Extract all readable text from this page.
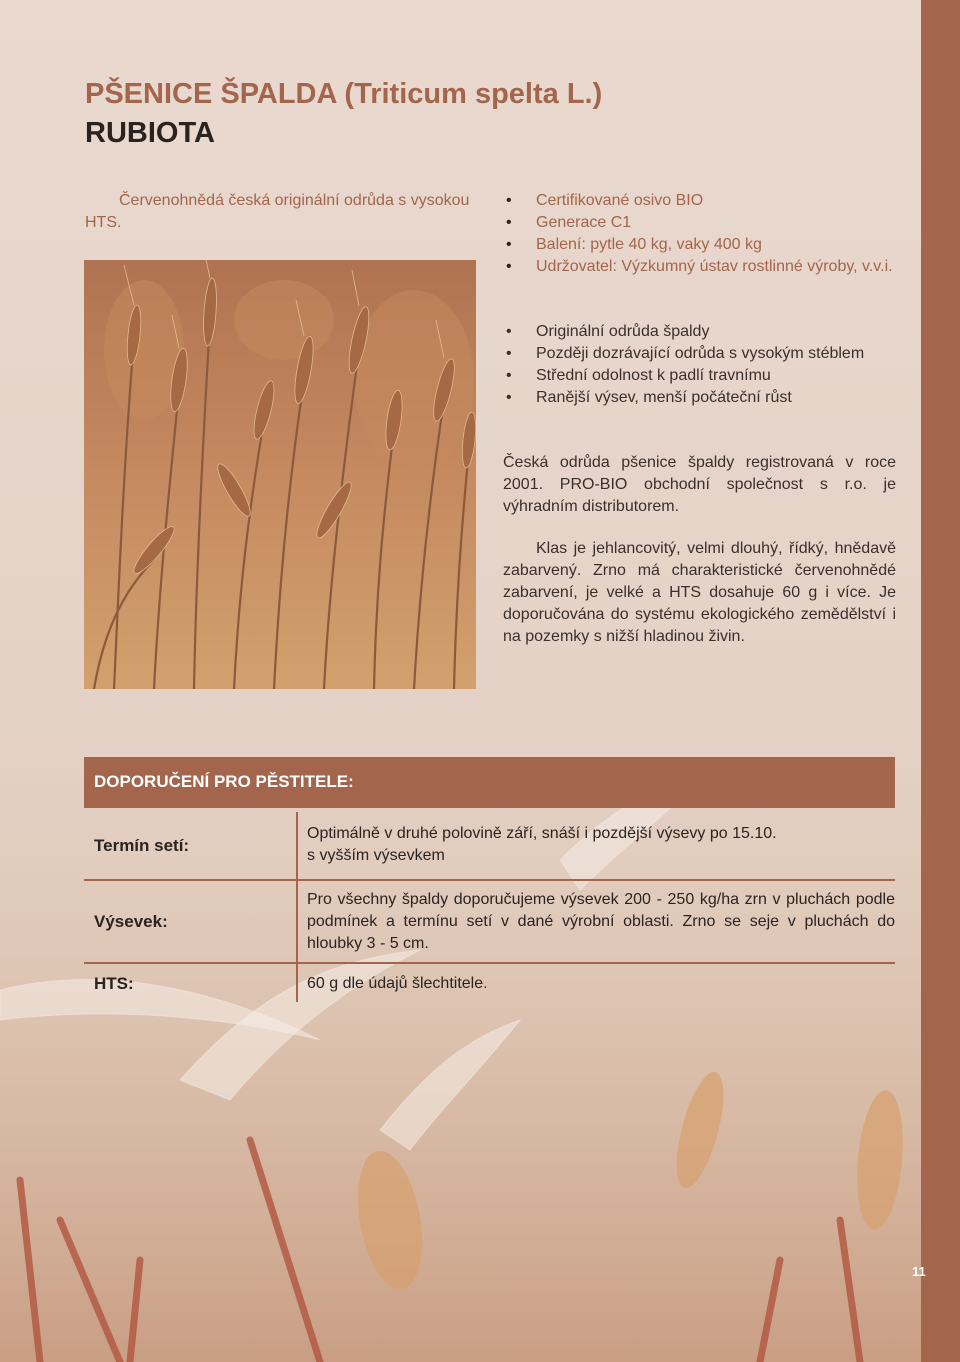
PŠENICE ŠPALDA (Triticum spelta L.)
RUBIOTA
Červenohnědá česká originální odrůda s vysokou HTS.
• Certifikované osivo BIO
• Generace C1
• Balení: pytle 40 kg, vaky 400 kg
• Udržovatel: Výzkumný ústav rostlinné výroby, v.v.i.
• Originální odrůda špaldy
• Později dozrávající odrůda s vysokým stéblem
• Střední odolnost k padlí travnímu
• Ranější výsev, menší počáteční růst
Česká odrůda pšenice špaldy registrovaná v roce 2001. PRO-BIO obchodní společnost s r.o. je výhradním distributorem.
Klas je jehlancovitý, velmi dlouhý, řídký, hnědavě zabarvený. Zrno má charakteristické červenohnědé zabarvení, je velké a HTS dosahuje 60 g i více. Je doporučována do systému ekologického zemědělství i na pozemky s nižší hladinou živin.
DOPORUČENÍ PRO PĚSTITELE:
Termín setí:
Optimálně v druhé polovině září, snáší i pozdější výsevy po 15.10.
s vyšším výsevkem
Výsevek:
Pro všechny špaldy doporučujeme výsevek 200 - 250 kg/ha zrn v pluchách podle podmínek a termínu setí v dané výrobní oblasti. Zrno se seje v pluchách do hloubky 3 - 5 cm.
HTS:	60 g dle údajů šlechtitele.
11
